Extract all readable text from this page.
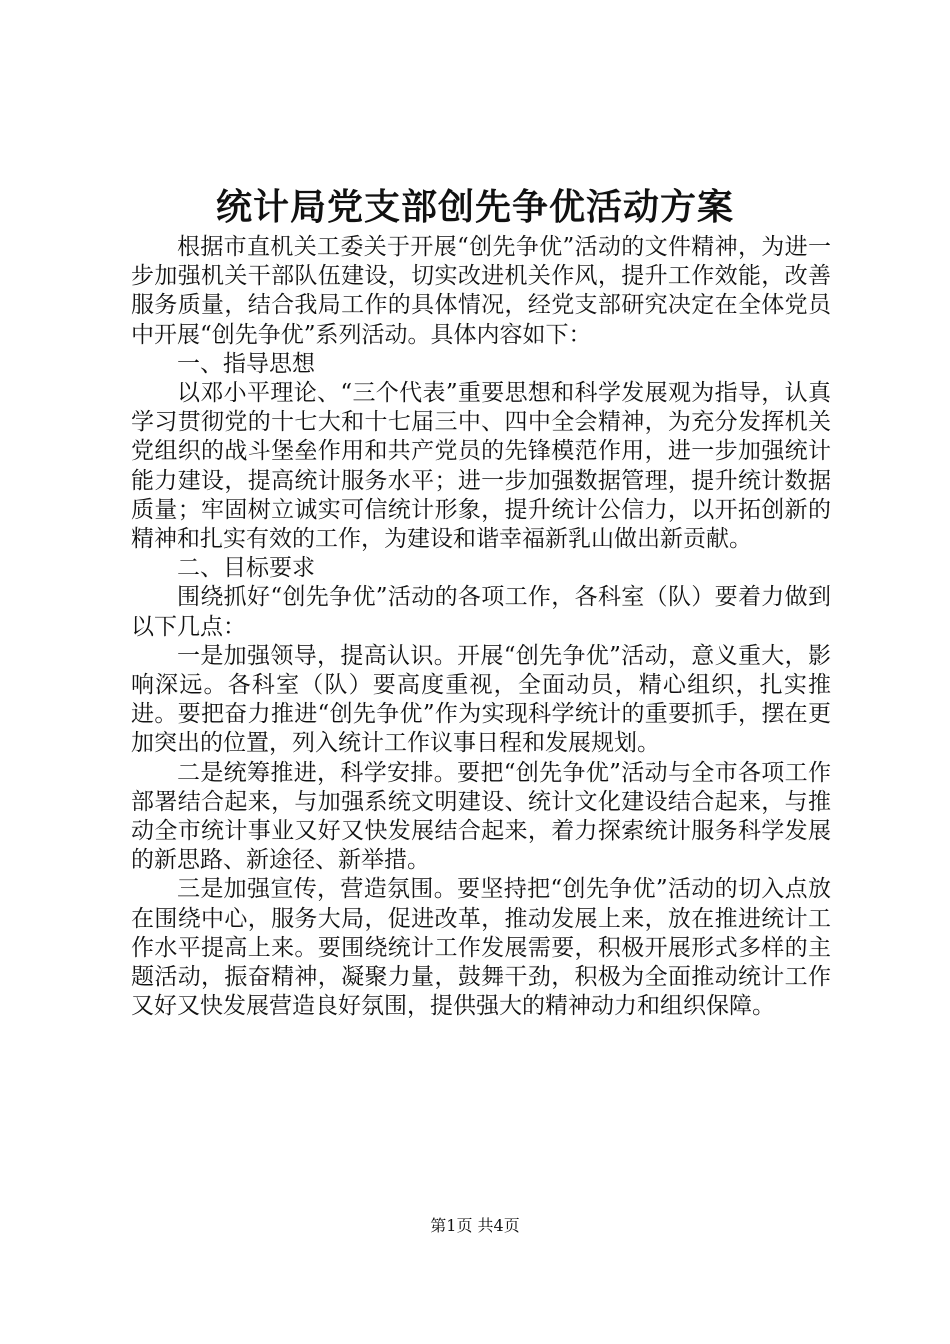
统计局党支部创先争优活动方案

根据市直机关工委关于开展“创先争优”活动的文件精神，为进一步加强机关干部队伍建设，切实改进机关作风，提升工作效能，改善服务质量，结合我局工作的具体情况，经党支部研究决定在全体党员中开展“创先争优”系列活动。具体内容如下：

一、指导思想

以邓小平理论、“三个代表”重要思想和科学发展观为指导，认真学习贯彻党的十七大和十七届三中、四中全会精神，为充分发挥机关党组织的战斗堡垒作用和共产党员的先锋模范作用，进一步加强统计能力建设，提高统计服务水平；进一步加强数据管理，提升统计数据质量；牢固树立诚实可信统计形象，提升统计公信力，以开拓创新的精神和扎实有效的工作，为建设和谐幸福新乳山做出新贡献。

二、目标要求

围绕抓好“创先争优”活动的各项工作，各科室（队）要着力做到以下几点：

一是加强领导，提高认识。开展“创先争优”活动，意义重大，影响深远。各科室（队）要高度重视，全面动员，精心组织，扎实推进。要把奋力推进“创先争优”作为实现科学统计的重要抓手，摆在更加突出的位置，列入统计工作议事日程和发展规划。

二是统筹推进，科学安排。要把“创先争优”活动与全市各项工作部署结合起来，与加强系统文明建设、统计文化建设结合起来，与推动全市统计事业又好又快发展结合起来，着力探索统计服务科学发展的新思路、新途径、新举措。

三是加强宣传，营造氛围。要坚持把“创先争优”活动的切入点放在围绕中心，服务大局，促进改革，推动发展上来，放在推进统计工作水平提高上来。要围绕统计工作发展需要，积极开展形式多样的主题活动，振奋精神，凝聚力量，鼓舞干劲，积极为全面推动统计工作又好又快发展营造良好氛围，提供强大的精神动力和组织保障。

第1页 共4页
